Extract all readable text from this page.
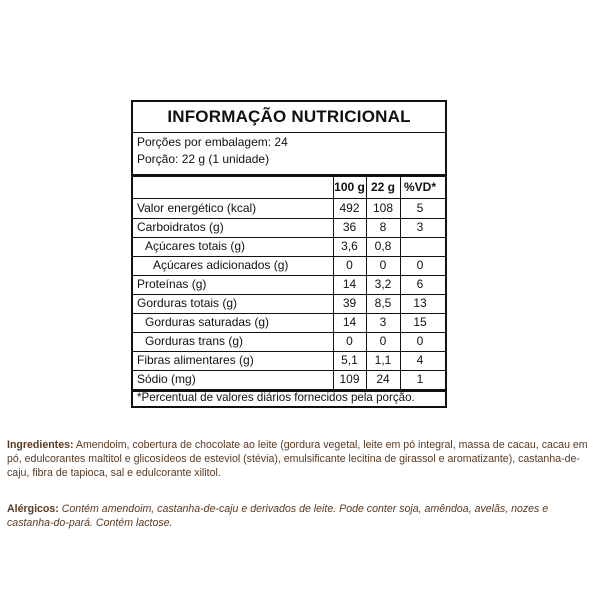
INFORMAÇÃO NUTRICIONAL
Porções por embalagem: 24
Porção: 22 g (1 unidade)
100 g 22 g %VD*
Valor energético (kcal)	492	108	5
Carboidratos (g)	36	8	3
Açúcares totais (g)	3,6	0,8
Açúcares adicionados (g)	0	0	0
Proteínas (g)	14	3,2	6
Gorduras totais (g)	39	8,5	13
Gorduras saturadas (g)	14	3	15
Gorduras trans (g)	0	0	0
Fibras alimentares (g)	5,1	1,1	4
Sódio (mg)	109	24	1
*Percentual de valores diários fornecidos pela porção.
Ingredientes: Amendoim, cobertura de chocolate ao leite (gordura vegetal, leite em pó integral, massa de cacau, cacau em pó, edulcorantes maltitol e glicosídeos de esteviol (stévia), emulsificante lecitina de girassol e aromatizante), castanha-de-caju, fibra de tapioca, sal e edulcorante xilitol.
Alérgicos: Contém amendoim, castanha-de-caju e derivados de leite. Pode conter soja, amêndoa, avelãs, nozes e castanha-do-pará. Contém lactose.
